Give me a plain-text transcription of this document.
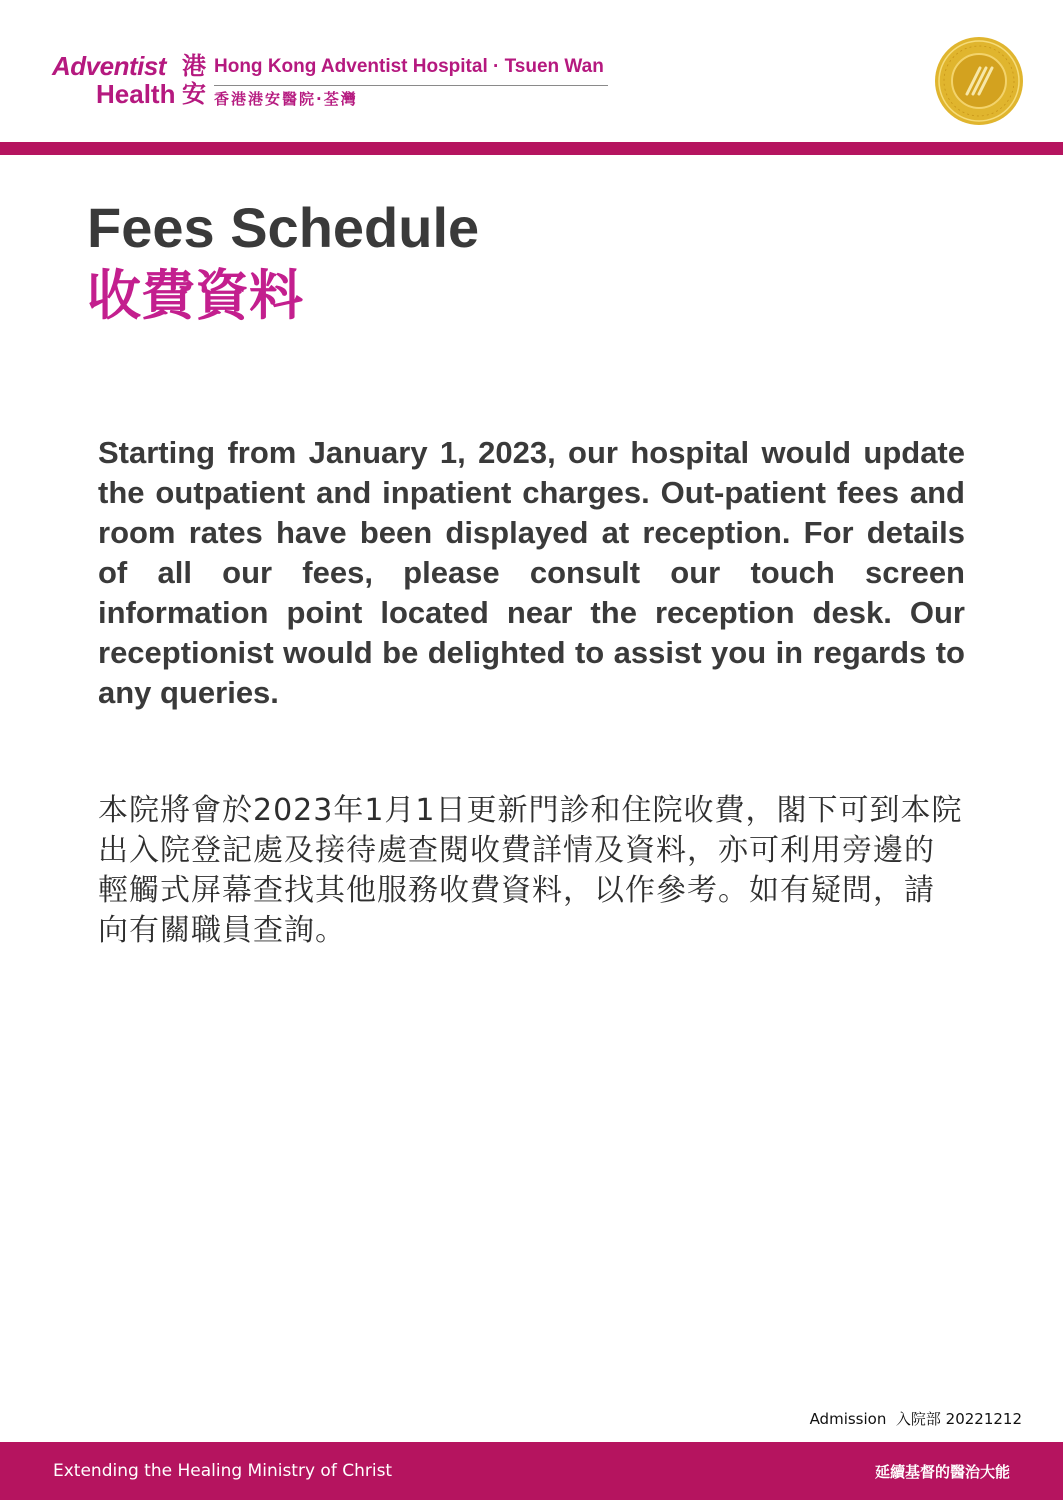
Adventist
Health
港
安
Hong Kong Adventist Hospital · Tsuen Wan
香港港安醫院·荃灣
Fees Schedule
收費資料

Starting from January 1, 2023, our hospital would update the outpatient and inpatient charges. Out-patient fees and room rates have been displayed at reception. For details of all our fees, please consult our touch screen information point located near the reception desk. Our receptionist would be delighted to assist you in regards to any queries.

本院將會於2023年1月1日更新門診和住院收費，閣下可到本院出入院登記處及接待處查閱收費詳情及資料，亦可利用旁邊的輕觸式屏幕查找其他服務收費資料，以作參考。如有疑問，請向有關職員查詢。

Admission  入院部 20221212
Extending the Healing Ministry of Christ	延續基督的醫治大能
